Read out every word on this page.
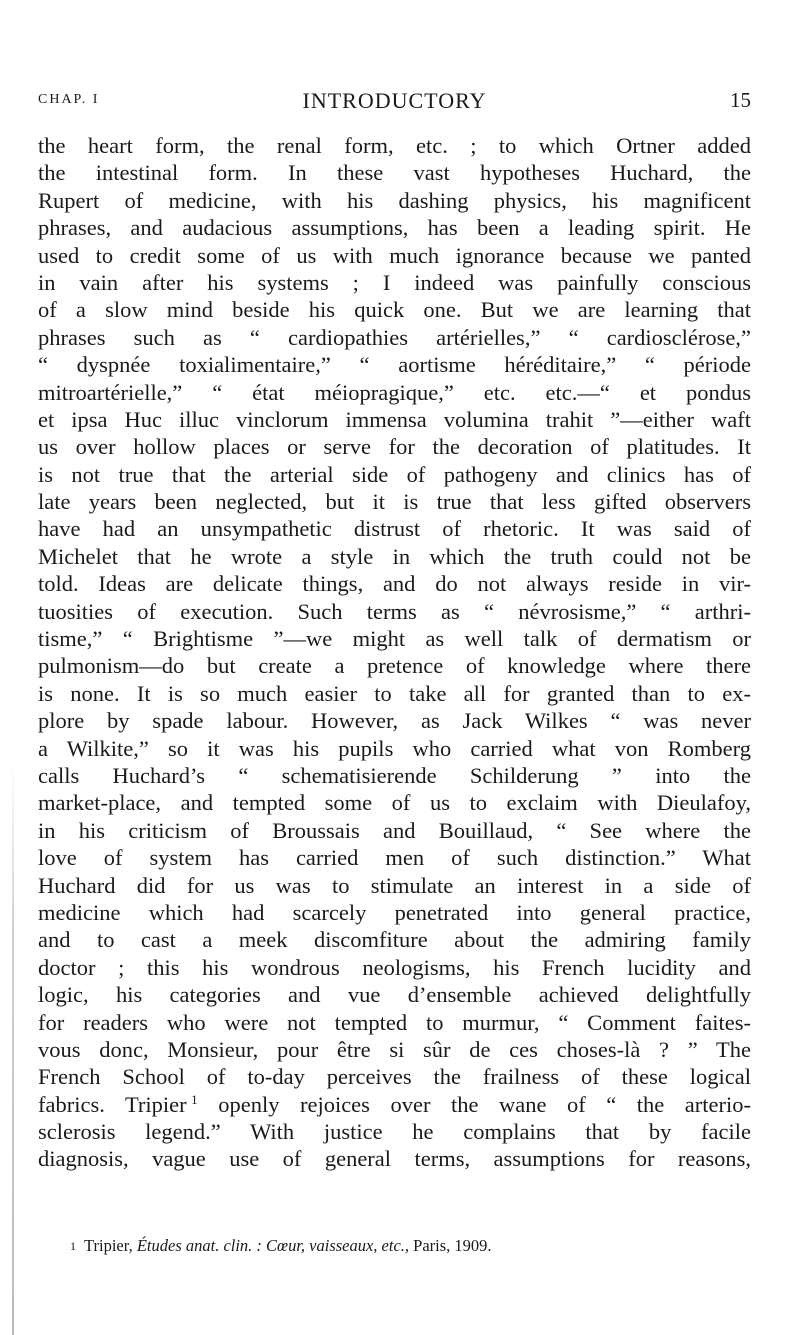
CHAP. I	INTRODUCTORY	15
the heart form, the renal form, etc. ; to which Ortner added
the intestinal form. In these vast hypotheses Huchard, the
Rupert of medicine, with his dashing physics, his magnificent
phrases, and audacious assumptions, has been a leading spirit. He
used to credit some of us with much ignorance because we panted
in vain after his systems ; I indeed was painfully conscious
of a slow mind beside his quick one. But we are learning that
phrases such as “ cardiopathies artérielles,” “ cardiosclérose,”
“ dyspnée toxialimentaire,” “ aortisme héréditaire,” “ période
mitroartérielle,” “ état méiopragique,” etc. etc.—“ et pondus
et ipsa Huc illuc vinclorum immensa volumina trahit ”—either waft
us over hollow places or serve for the decoration of platitudes. It
is not true that the arterial side of pathogeny and clinics has of
late years been neglected, but it is true that less gifted observers
have had an unsympathetic distrust of rhetoric. It was said of
Michelet that he wrote a style in which the truth could not be
told. Ideas are delicate things, and do not always reside in vir-
tuosities of execution. Such terms as “ névrosisme,” “ arthri-
tisme,” “ Brightisme ”—we might as well talk of dermatism or
pulmonism—do but create a pretence of knowledge where there
is none. It is so much easier to take all for granted than to ex-
plore by spade labour. However, as Jack Wilkes “ was never
a Wilkite,” so it was his pupils who carried what von Romberg
calls Huchard’s “ schematisierende Schilderung ” into the
market-place, and tempted some of us to exclaim with Dieulafoy,
in his criticism of Broussais and Bouillaud, “ See where the
love of system has carried men of such distinction.” What
Huchard did for us was to stimulate an interest in a side of
medicine which had scarcely penetrated into general practice,
and to cast a meek discomfiture about the admiring family
doctor ; this his wondrous neologisms, his French lucidity and
logic, his categories and vue d’ensemble achieved delightfully
for readers who were not tempted to murmur, “ Comment faites-
vous donc, Monsieur, pour être si sûr de ces choses-là ? ” The
French School of to-day perceives the frailness of these logical
fabrics. Tripier  $^1$ openly rejoices over the wane of “ the arterio-
sclerosis legend.” With justice he complains that by facile
diagnosis, vague use of general terms, assumptions for reasons,
1 Tripier, Études anat. clin. : Cœur, vaisseaux, etc., Paris, 1909.
